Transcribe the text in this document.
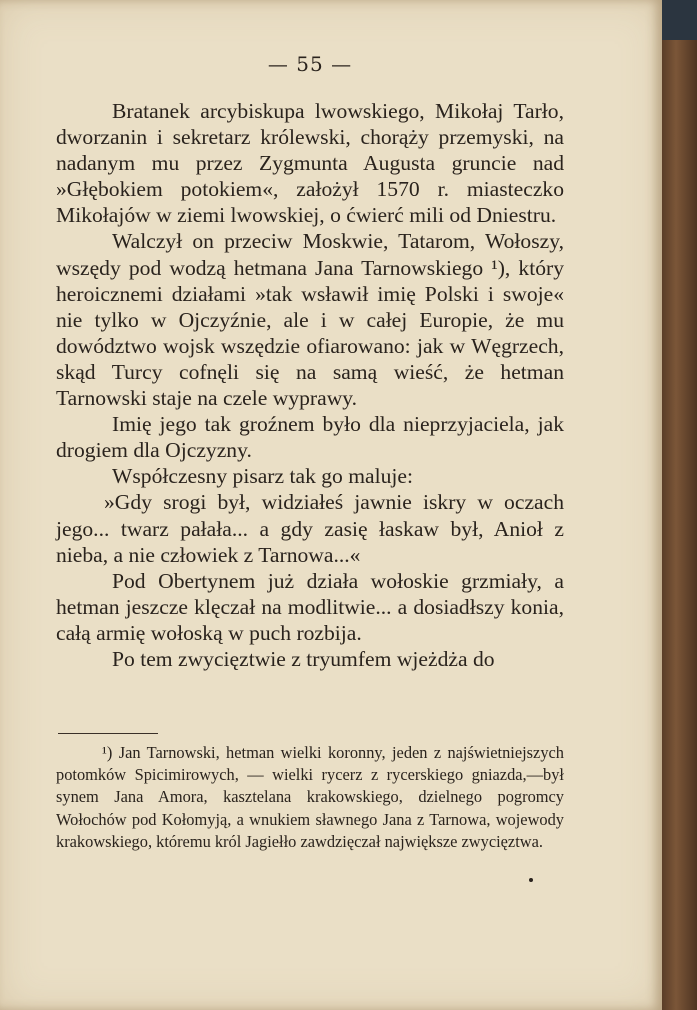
— 55 —

Bratanek arcybiskupa lwowskiego, Mikołaj Tarło, dworzanin i sekretarz królewski, chorąży przemyski, na nadanym mu przez Zygmunta Augusta gruncie nad »Głębokiem potokiem«, założył 1570 r. miasteczko Mikołajów w ziemi lwowskiej, o ćwierć mili od Dniestru.

Walczył on przeciw Moskwie, Tatarom, Wołoszy, wszędy pod wodzą hetmana Jana Tarnowskiego ¹), który heroicznemi działami »tak wsławił imię Polski i swoje« nie tylko w Ojczyźnie, ale i w całej Europie, że mu dowództwo wojsk wszędzie ofiarowano: jak w Węgrzech, skąd Turcy cofnęli się na samą wieść, że hetman Tarnowski staje na czele wyprawy.

Imię jego tak groźnem było dla nieprzyjaciela, jak drogiem dla Ojczyzny.

Współczesny pisarz tak go maluje:

»Gdy srogi był, widziałeś jawnie iskry w oczach jego... twarz pałała... a gdy zasię łaskaw był, Anioł z nieba, a nie człowiek z Tarnowa...«

Pod Obertynem już działa wołoskie grzmiały, a hetman jeszcze klęczał na modlitwie... a dosiadłszy konia, całą armię wołoską w puch rozbija.

Po tem zwycięztwie z tryumfem wjeżdża do

¹) Jan Tarnowski, hetman wielki koronny, jeden z najświetniejszych potomków Spicimirowych, — wielki rycerz z rycerskiego gniazda,—był synem Jana Amora, kasztelana krakowskiego, dzielnego pogromcy Wołochów pod Kołomyją, a wnukiem sławnego Jana z Tarnowa, wojewody krakowskiego, któremu król Jagiełło zawdzięczał największe zwycięztwa.
